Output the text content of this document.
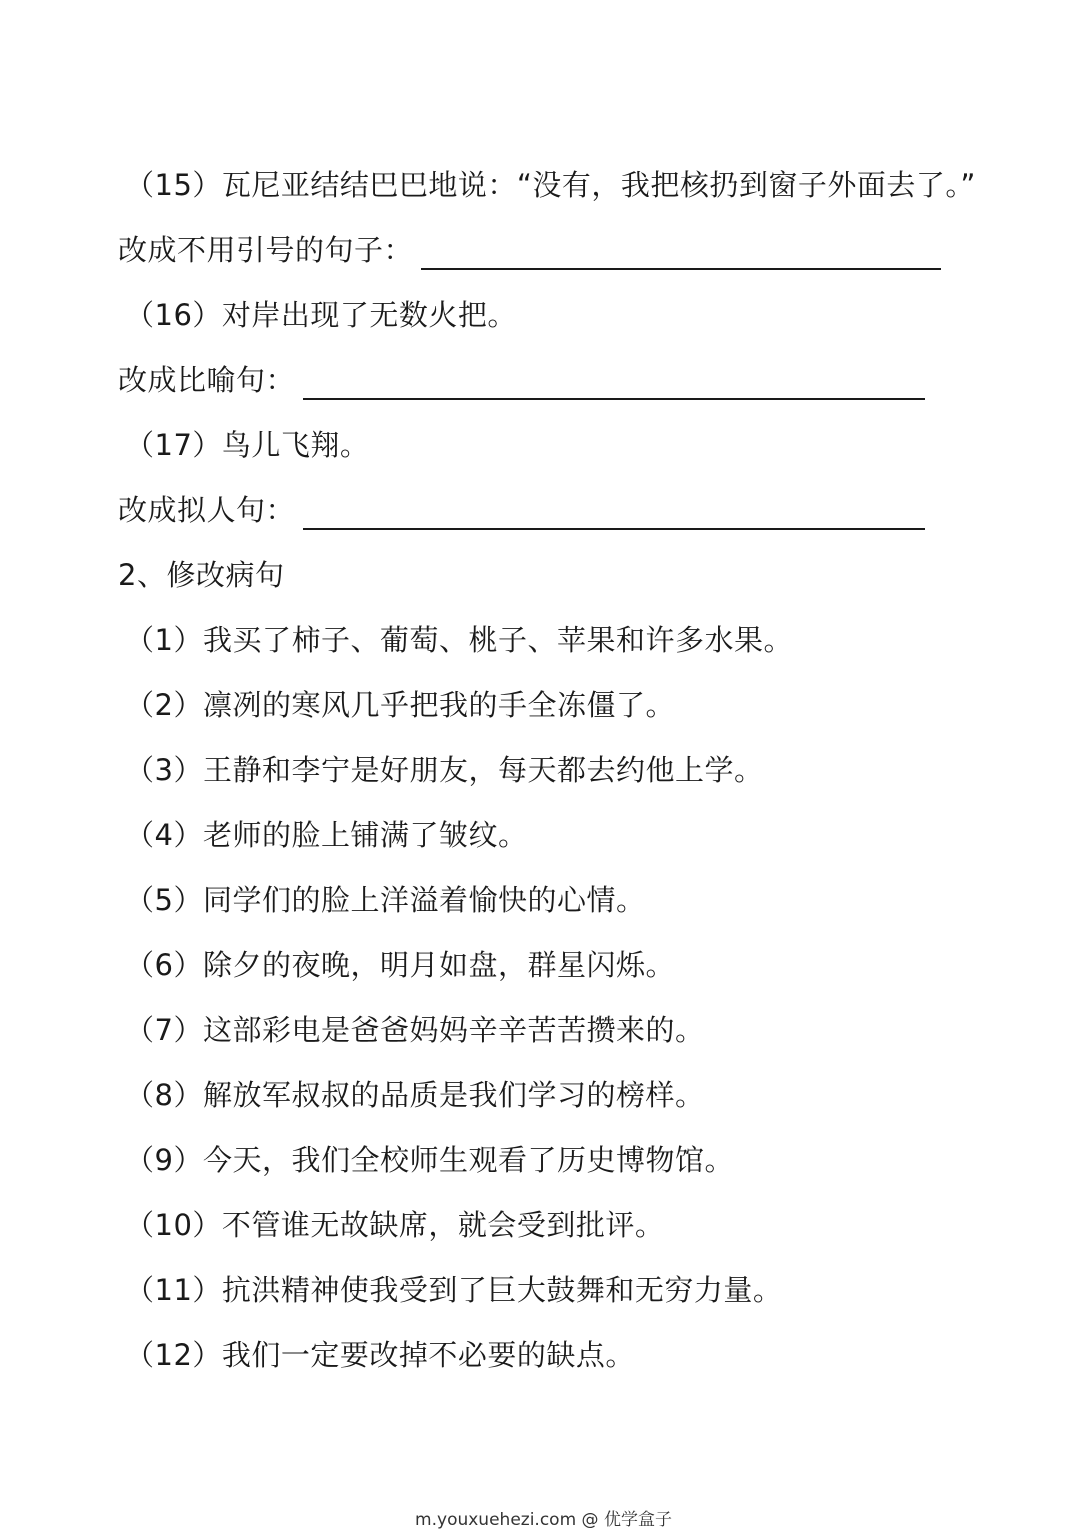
（15）瓦尼亚结结巴巴地说：“没有，我把核扔到窗子外面去了。”
改成不用引号的句子：
（16）对岸出现了无数火把。
改成比喻句：
（17）鸟儿飞翔。
改成拟人句：
2、修改病句
（1）我买了柿子、葡萄、桃子、苹果和许多水果。
（2）凛冽的寒风几乎把我的手全冻僵了。
（3）王静和李宁是好朋友，每天都去约他上学。
（4）老师的脸上铺满了皱纹。
（5）同学们的脸上洋溢着愉快的心情。
（6）除夕的夜晚，明月如盘，群星闪烁。
（7）这部彩电是爸爸妈妈辛辛苦苦攒来的。
（8）解放军叔叔的品质是我们学习的榜样。
（9）今天，我们全校师生观看了历史博物馆。
（10）不管谁无故缺席，就会受到批评。
（11）抗洪精神使我受到了巨大鼓舞和无穷力量。
（12）我们一定要改掉不必要的缺点。
m.youxuehezi.com @ 优学盒子
